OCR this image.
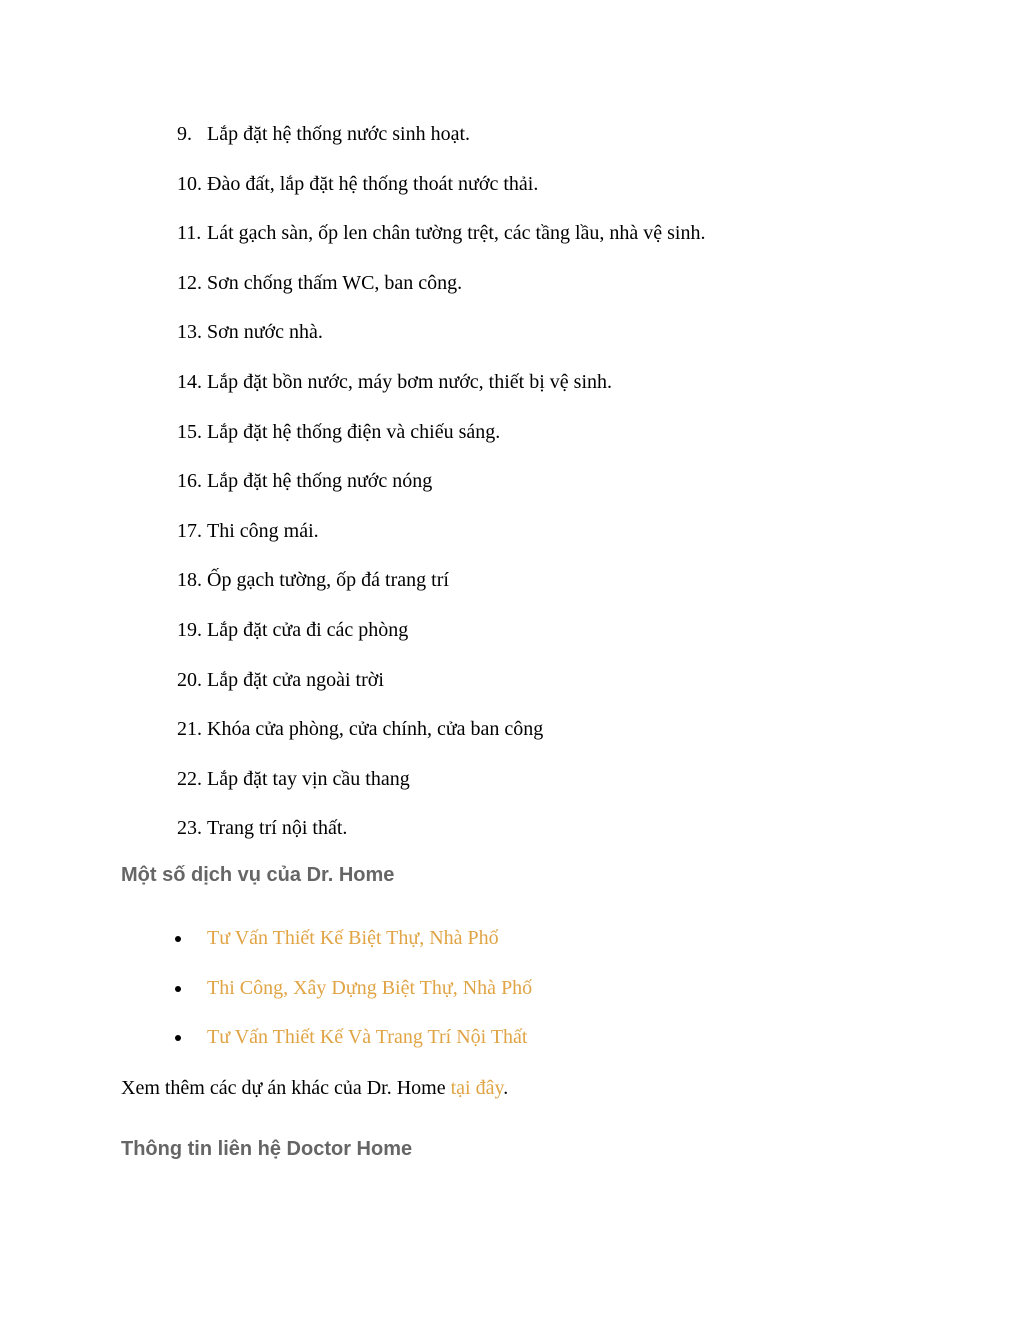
9. Lắp đặt hệ thống nước sinh hoạt.
10. Đào đất, lắp đặt hệ thống thoát nước thải.
11. Lát gạch sàn, ốp len chân tường trệt, các tầng lầu, nhà vệ sinh.
12. Sơn chống thấm WC, ban công.
13. Sơn nước nhà.
14. Lắp đặt bồn nước, máy bơm nước, thiết bị vệ sinh.
15. Lắp đặt hệ thống điện và chiếu sáng.
16. Lắp đặt hệ thống nước nóng
17. Thi công mái.
18. Ốp gạch tường, ốp đá trang trí
19. Lắp đặt cửa đi các phòng
20. Lắp đặt cửa ngoài trời
21. Khóa cửa phòng, cửa chính, cửa ban công
22. Lắp đặt tay vịn cầu thang
23. Trang trí nội thất.
Một số dịch vụ của Dr. Home
Tư Vấn Thiết Kế Biệt Thự, Nhà Phố
Thi Công, Xây Dựng Biệt Thự, Nhà Phố
Tư Vấn Thiết Kế Và Trang Trí Nội Thất

Xem thêm các dự án khác của Dr. Home tại đây.

Thông tin liên hệ Doctor Home
